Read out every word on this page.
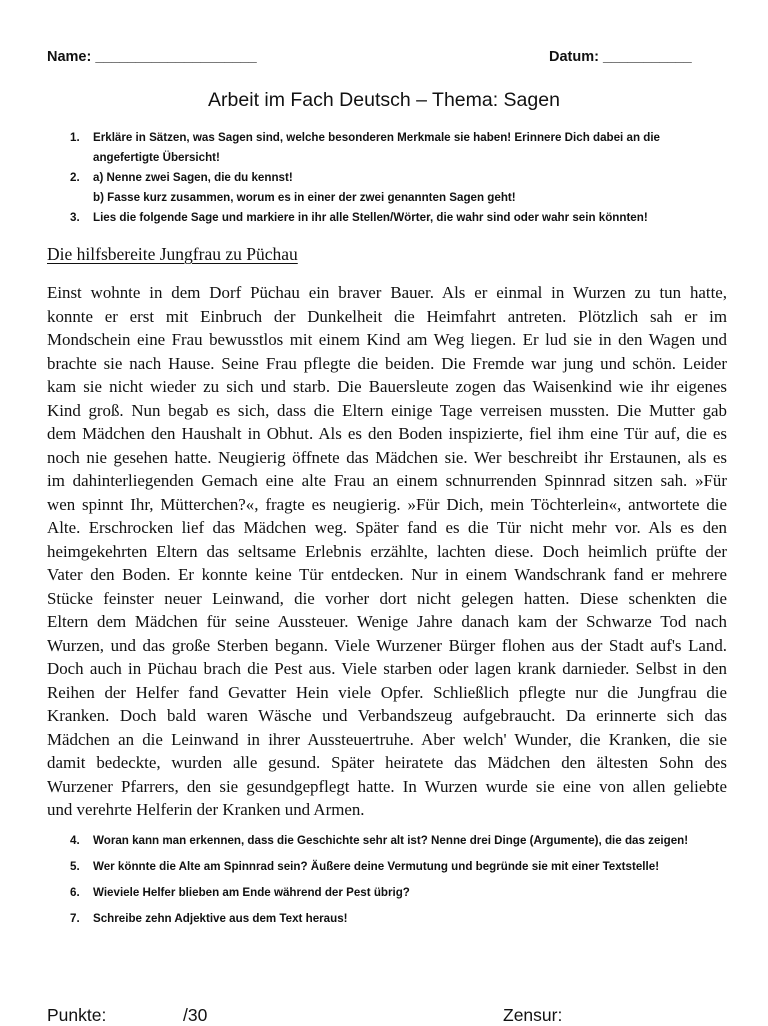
Name: ____________________	Datum: ___________
Arbeit im Fach Deutsch – Thema: Sagen
1. Erkläre in Sätzen, was Sagen sind, welche besonderen Merkmale sie haben! Erinnere Dich dabei an die
angefertigte Übersicht!
2. a) Nenne zwei Sagen, die du kennst!
b) Fasse kurz zusammen, worum es in einer der zwei genannten Sagen geht!
3. Lies die folgende Sage und markiere in ihr alle Stellen/Wörter, die wahr sind oder wahr sein könnten!
Die hilfsbereite Jungfrau zu Püchau
Einst wohnte in dem Dorf Püchau ein braver Bauer. Als er einmal in Wurzen zu tun hatte,
konnte er erst mit Einbruch der Dunkelheit die Heimfahrt antreten. Plötzlich sah er im
Mondschein eine Frau bewusstlos mit einem Kind am Weg liegen. Er lud sie in den Wagen und
brachte sie nach Hause. Seine Frau pflegte die beiden. Die Fremde war jung und schön. Leider
kam sie nicht wieder zu sich und starb. Die Bauersleute zogen das Waisenkind wie ihr eigenes
Kind groß. Nun begab es sich, dass die Eltern einige Tage verreisen mussten. Die Mutter gab
dem Mädchen den Haushalt in Obhut. Als es den Boden inspizierte, fiel ihm eine Tür auf, die es
noch nie gesehen hatte. Neugierig öffnete das Mädchen sie. Wer beschreibt ihr Erstaunen, als es
im dahinterliegenden Gemach eine alte Frau an einem schnurrenden Spinnrad sitzen sah. »Für
wen spinnt Ihr, Mütterchen?«, fragte es neugierig. »Für Dich, mein Töchterlein«, antwortete die
Alte. Erschrocken lief das Mädchen weg. Später fand es die Tür nicht mehr vor. Als es den
heimgekehrten Eltern das seltsame Erlebnis erzählte, lachten diese. Doch heimlich prüfte der
Vater den Boden. Er konnte keine Tür entdecken. Nur in einem Wandschrank fand er mehrere
Stücke feinster neuer Leinwand, die vorher dort nicht gelegen hatten. Diese schenkten die
Eltern dem Mädchen für seine Aussteuer. Wenige Jahre danach kam der Schwarze Tod nach
Wurzen, und das große Sterben begann. Viele Wurzener Bürger flohen aus der Stadt auf's Land.
Doch auch in Püchau brach die Pest aus. Viele starben oder lagen krank darnieder. Selbst in den
Reihen der Helfer fand Gevatter Hein viele Opfer. Schließlich pflegte nur die Jungfrau die
Kranken. Doch bald waren Wäsche und Verbandszeug aufgebraucht. Da erinnerte sich das
Mädchen an die Leinwand in ihrer Aussteuertruhe. Aber welch' Wunder, die Kranken, die sie
damit bedeckte, wurden alle gesund. Später heiratete das Mädchen den ältesten Sohn des
Wurzener Pfarrers, den sie gesundgepflegt hatte. In Wurzen wurde sie eine von allen geliebte
und verehrte Helferin der Kranken und Armen.
4. Woran kann man erkennen, dass die Geschichte sehr alt ist? Nenne drei Dinge (Argumente), die das zeigen!
5. Wer könnte die Alte am Spinnrad sein? Äußere deine Vermutung und begründe sie mit einer Textstelle!
6. Wieviele Helfer blieben am Ende während der Pest übrig?
7. Schreibe zehn Adjektive aus dem Text heraus!
Punkte:	/30	Zensur:
